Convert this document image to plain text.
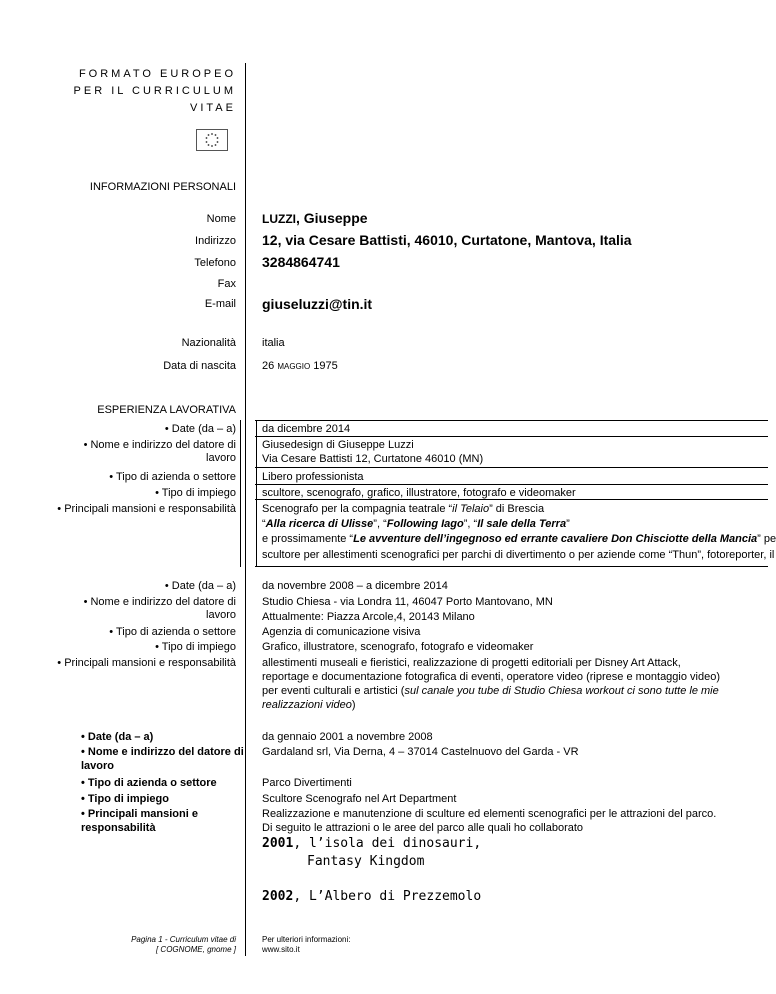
FORMATO EUROPEO
PER IL CURRICULUM
VITAE
INFORMAZIONI PERSONALI
Nome LUZZI, Giuseppe
Indirizzo 12, via Cesare Battisti, 46010, Curtatone, Mantova, Italia
Telefono 3284864741
Fax
E-mail giuseluzzi@tin.it
Nazionalità italia
Data di nascita 26 MAGGIO 1975
ESPERIENZA LAVORATIVA
• Date (da – a)
• Nome e indirizzo del datore di
lavoro
• Tipo di azienda o settore
• Tipo di impiego
• Principali mansioni e responsabilità
da dicembre 2014
Giusedesign di Giuseppe Luzzi
Via Cesare Battisti 12, Curtatone 46010 (MN)
Libero professionista
scultore, scenografo, grafico, illustratore, fotografo e videomaker
Scenografo per la compagnia teatrale “il Telaio” di Brescia
“Alla ricerca di Ulisse”, “Following Iago”, “Il sale della Terra”
e prossimamente “Le avventure dell’ingegnoso ed errante cavaliere Don Chisciotte della Mancia” pe
scultore per allestimenti scenografici per parchi di divertimento o per aziende come “Thun”, fotoreporter, il
• Date (da – a)
• Nome e indirizzo del datore di
lavoro
• Tipo di azienda o settore
• Tipo di impiego
• Principali mansioni e responsabilità
da novembre 2008 – a dicembre 2014
Studio Chiesa - via Londra 11, 46047 Porto Mantovano, MN
Attualmente: Piazza Arcole,4, 20143 Milano
Agenzia di comunicazione visiva
Grafico, illustratore, scenografo, fotografo e videomaker
allestimenti museali e fieristici, realizzazione di progetti editoriali per Disney Art Attack,
reportage e documentazione fotografica di eventi, operatore video (riprese e montaggio video)
per eventi culturali e artistici (sul canale you tube di Studio Chiesa workout ci sono tutte le mie
realizzazioni video)
• Date (da – a)
• Nome e indirizzo del datore di
lavoro
• Tipo di azienda o settore
• Tipo di impiego
• Principali mansioni e
responsabilità
da gennaio 2001 a novembre 2008
Gardaland srl, Via Derna, 4 – 37014 Castelnuovo del Garda - VR
Parco Divertimenti
Scultore Scenografo nel Art Department
Realizzazione e manutenzione di sculture ed elementi scenografici per le attrazioni del parco.
Di seguito le attrazioni o le aree del parco alle quali ho collaborato
2001, l’isola dei dinosauri,
Fantasy Kingdom
2002, L’Albero di Prezzemolo
Pagina 1 - Curriculum vitae di
[ COGNOME, gnome ]
Per ulteriori informazioni:
www.sito.it
